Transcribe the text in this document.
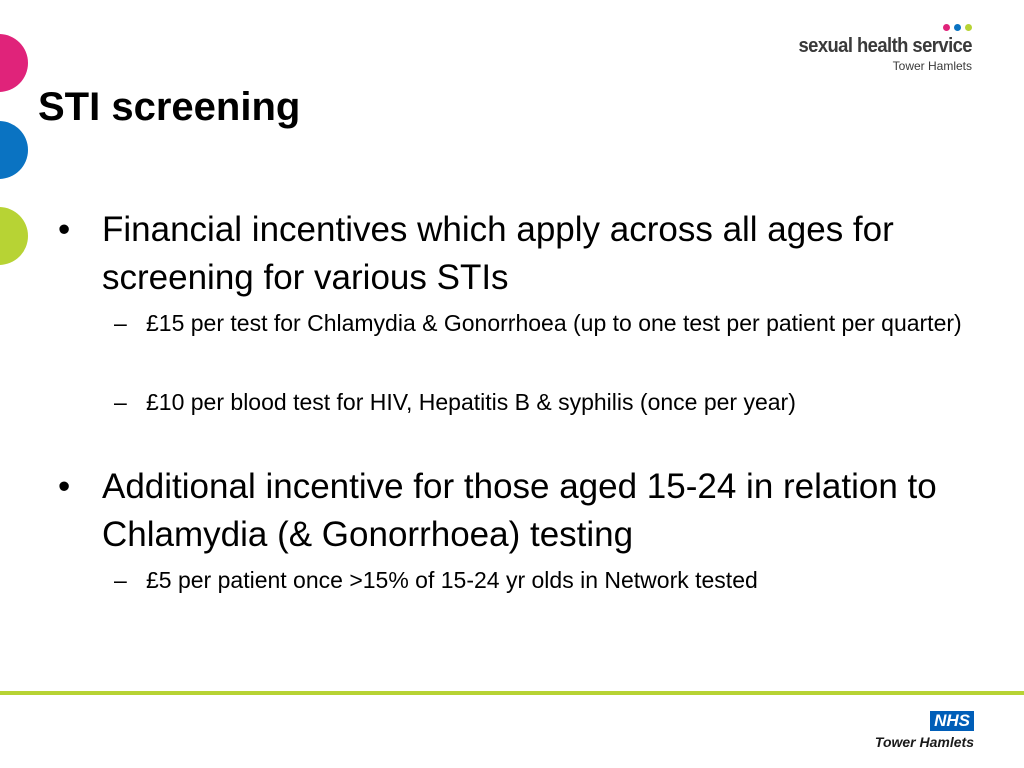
sexual health service
Tower Hamlets
STI screening
• Financial incentives which apply across all ages for screening for various STIs
– £15 per test for Chlamydia & Gonorrhoea (up to one test per patient per quarter)
– £10 per blood test for HIV, Hepatitis B & syphilis (once per year)
• Additional incentive for those aged 15-24 in relation to Chlamydia (& Gonorrhoea) testing
– £5 per patient once >15% of 15-24 yr olds in Network tested
NHS
Tower Hamlets
